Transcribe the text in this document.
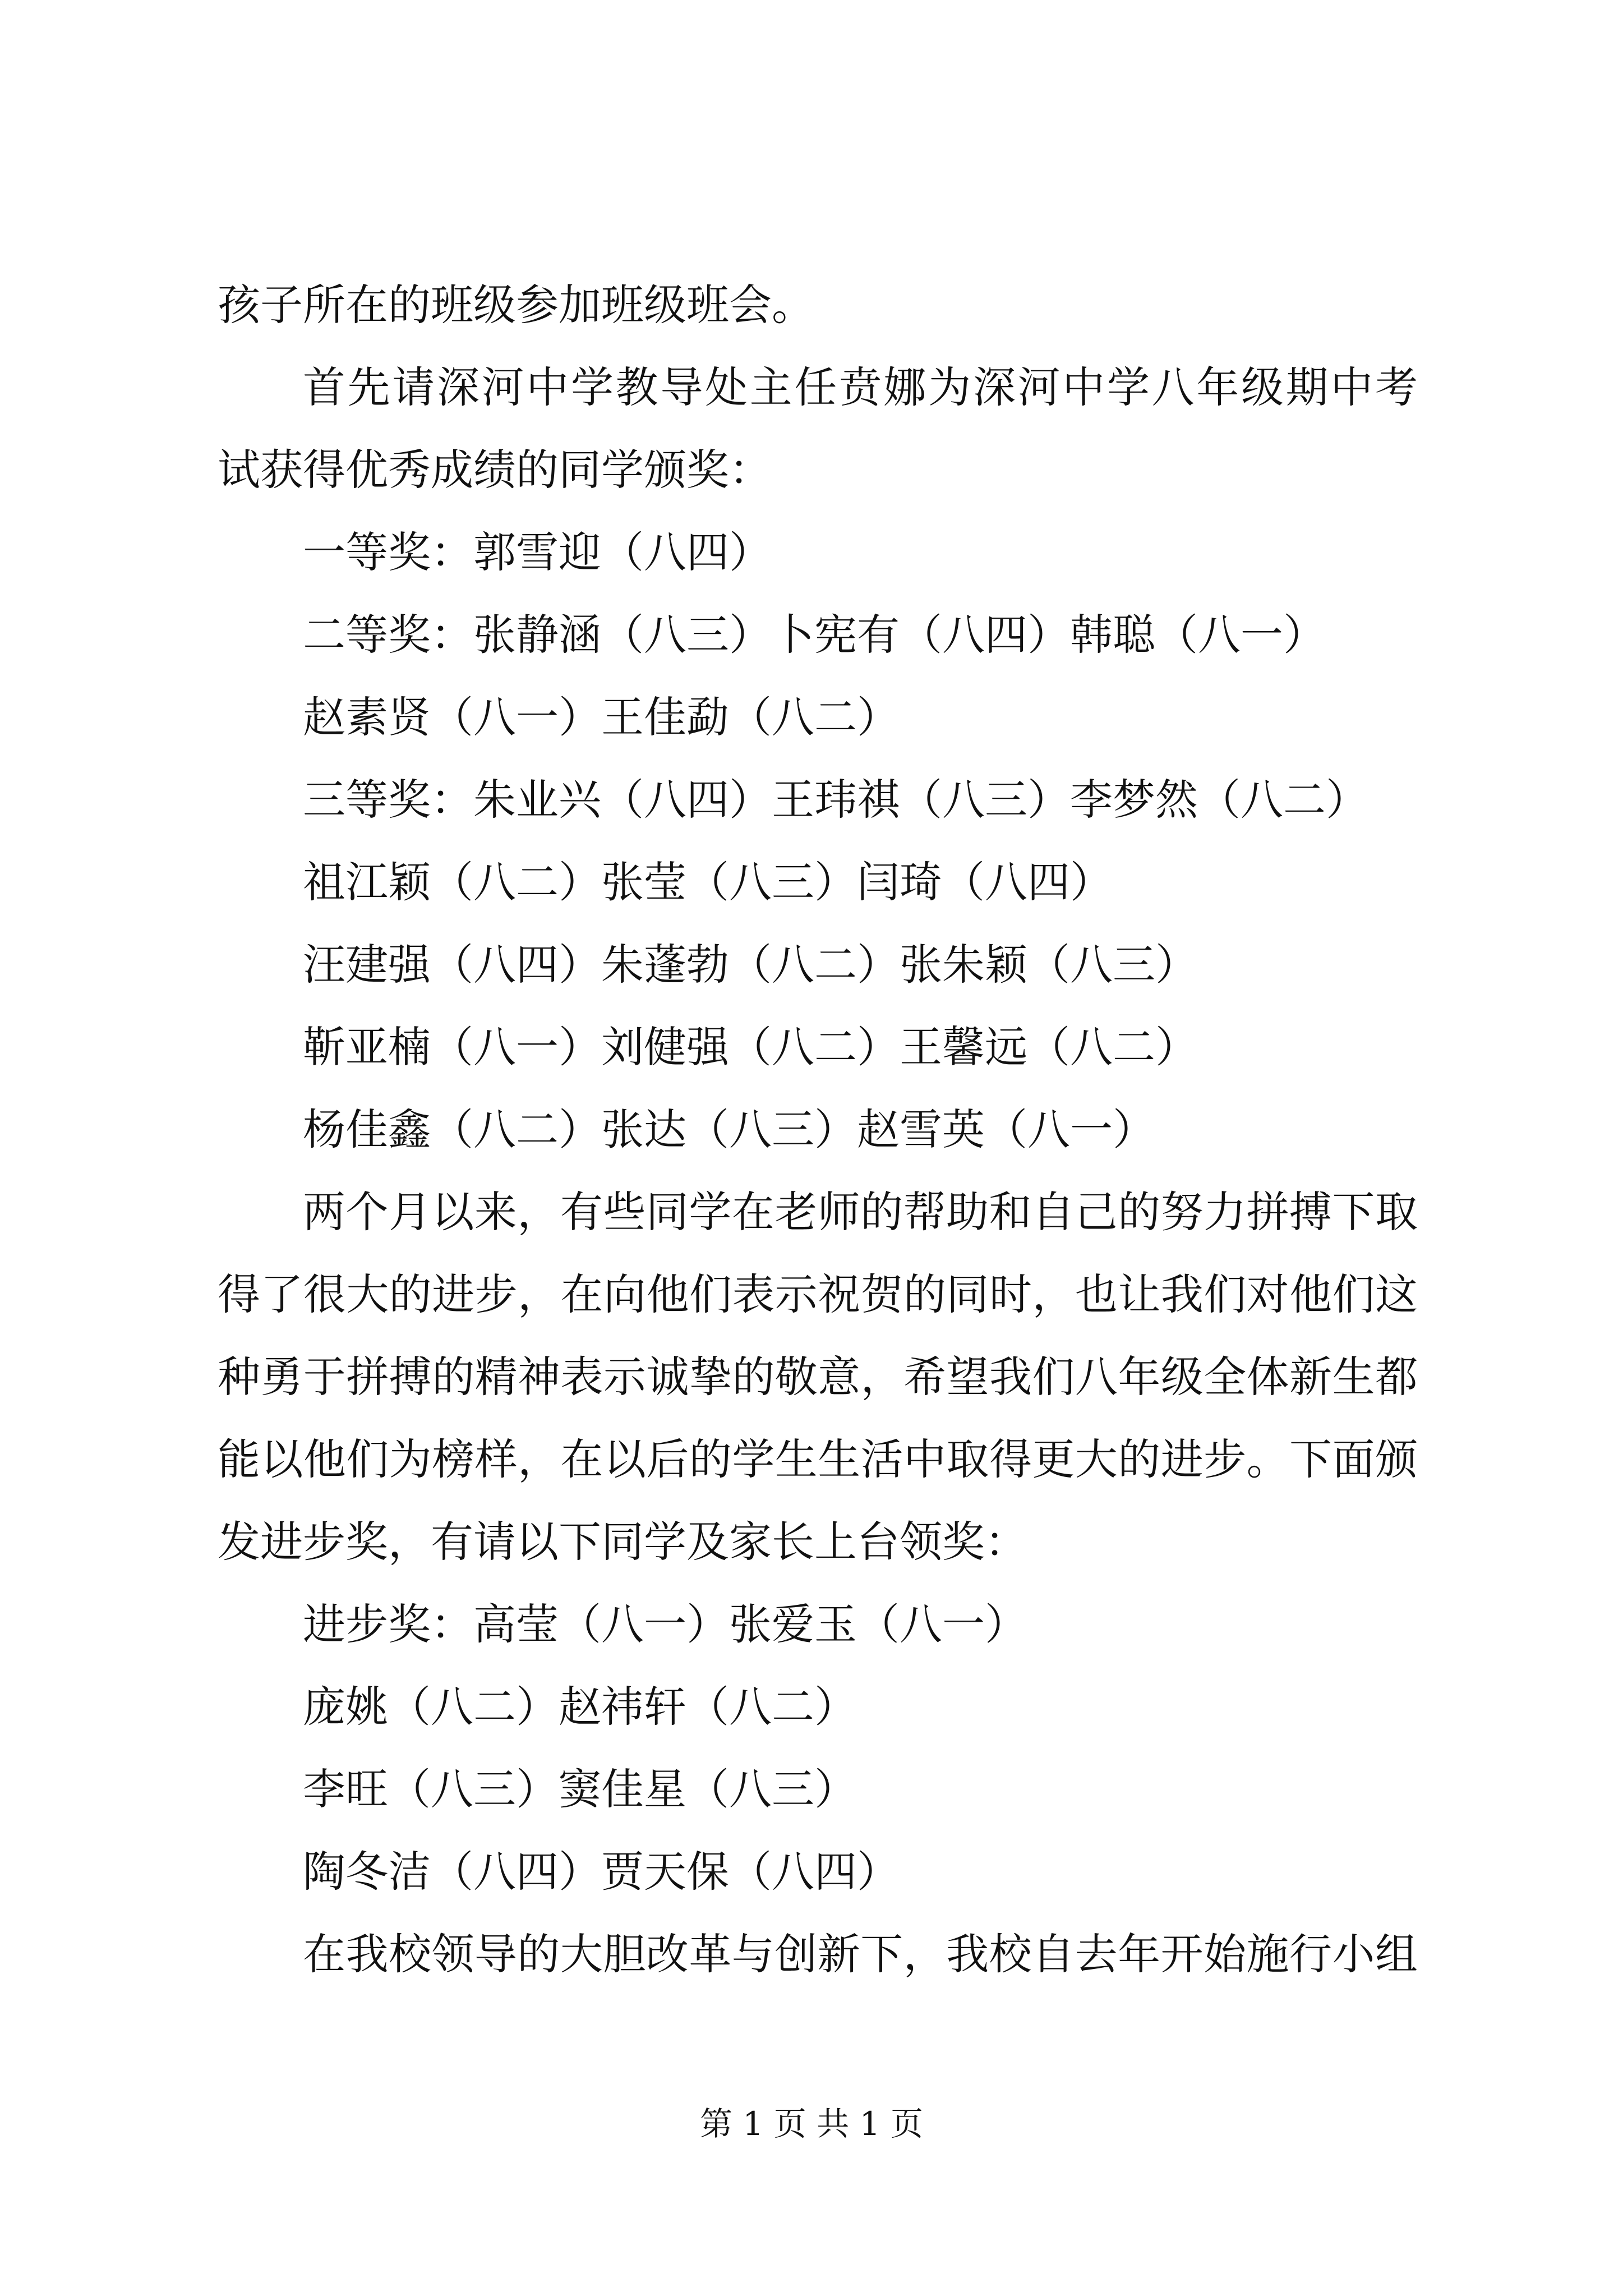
孩子所在的班级参加班级班会。
首先请深河中学教导处主任贲娜为深河中学八年级期中考
试获得优秀成绩的同学颁奖：
一等奖：郭雪迎（八四）
二等奖：张静涵（八三）卜宪有（八四）韩聪（八一）
赵素贤（八一）王佳勐（八二）
三等奖：朱业兴（八四）王玮祺（八三）李梦然（八二）
祖江颖（八二）张莹（八三）闫琦（八四）
汪建强（八四）朱蓬勃（八二）张朱颖（八三）
靳亚楠（八一）刘健强（八二）王馨远（八二）
杨佳鑫（八二）张达（八三）赵雪英（八一）
两个月以来，有些同学在老师的帮助和自己的努力拼搏下取
得了很大的进步，在向他们表示祝贺的同时，也让我们对他们这
种勇于拼搏的精神表示诚挚的敬意，希望我们八年级全体新生都
能以他们为榜样，在以后的学生生活中取得更大的进步。下面颁
发进步奖，有请以下同学及家长上台领奖：
进步奖：高莹（八一）张爱玉（八一）
庞姚（八二）赵祎轩（八二）
李旺（八三）窦佳星（八三）
陶冬洁（八四）贾天保（八四）
在我校领导的大胆改革与创新下，我校自去年开始施行小组
第 1 页 共 1 页
